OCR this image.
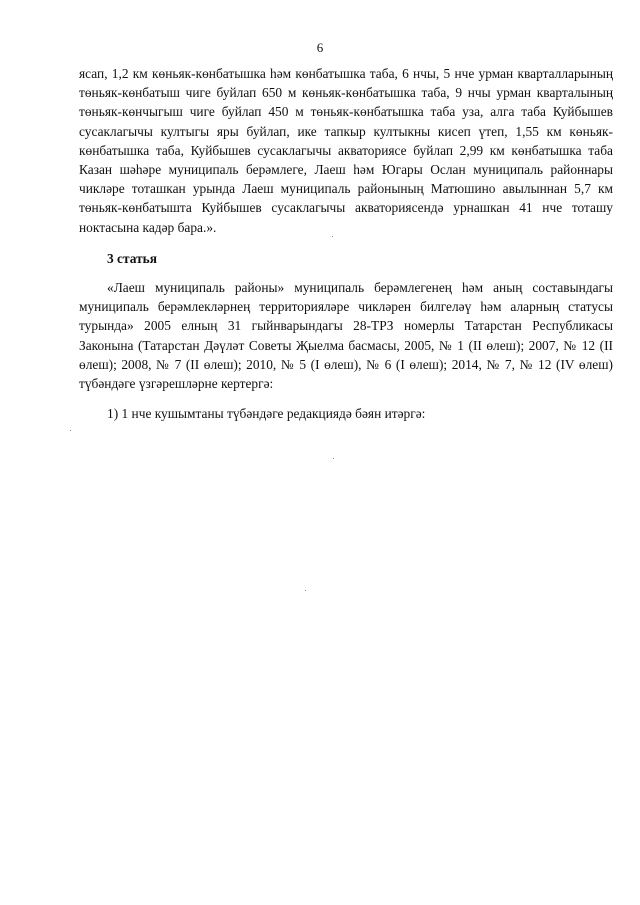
6
ясап, 1,2 км көньяк-көнбатышка һәм көнбатышка таба, 6 нчы, 5 нче урман кварталларының төньяк-көнбатыш чиге буйлап 650 м көньяк-көнбатышка таба, 9 нчы урман кварталының төньяк-көнчыгыш чиге буйлап 450 м төньяк-көнбатышка таба уза, алга таба Куйбышев сусаклагычы култыгы яры буйлап, ике тапкыр култыкны кисеп үтеп, 1,55 км көньяк-көнбатышка таба, Куйбышев сусаклагычы акваториясе буйлап 2,99 км көнбатышка таба Казан шәһәре муниципаль берәмлеге, Лаеш һәм Югары Ослан муниципаль районнары чикләре тоташкан урында Лаеш муниципаль районының Матюшино авылыннан 5,7 км төньяк-көнбатышта Куйбышев сусаклагычы акваториясендә урнашкан 41 нче тоташу ноктасына кадәр бара.».
3 статья
«Лаеш муниципаль районы» муниципаль берәмлегенең һәм аның составындагы муниципаль берәмлекләрнең территорияләре чикләрен билгеләү һәм аларның статусы турында» 2005 елның 31 гыйнварындагы 28-ТРЗ номерлы Татарстан Республикасы Законына (Татарстан Дәүләт Советы Җыелма басмасы, 2005, № 1 (II өлеш); 2007, № 12 (II өлеш); 2008, № 7 (II өлеш); 2010, № 5 (I өлеш), № 6 (I өлеш); 2014, № 7, № 12 (IV өлеш) түбәндәге үзгәрешләрне кертергә:
1) 1 нче кушымтаны түбәндәге редакциядә бәян итәргә:
